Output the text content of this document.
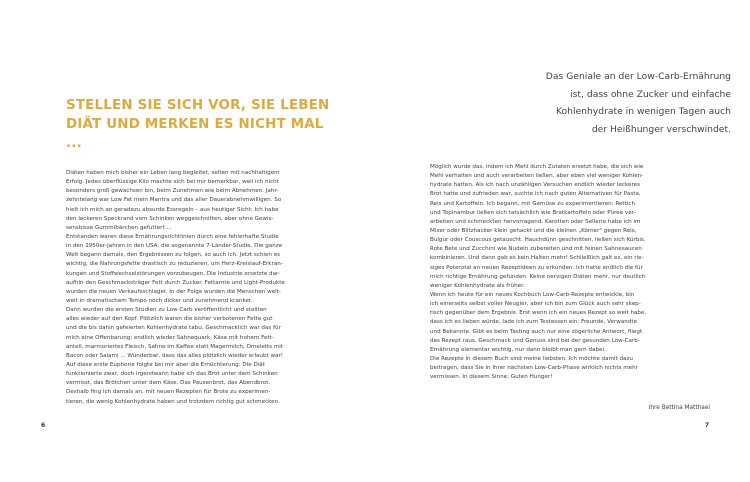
STELLEN SIE SICH VOR, SIE LEBEN
DIÄT UND MERKEN ES NICHT MAL ...
Diäten haben mich bisher ein Leben lang begleitet, selten mit nachhaltigem
Erfolg. Jedes überflüssige Kilo machte sich bei mir bemerkbar, weil ich nicht
besonders groß gewachsen bin, beim Zunehmen wie beim Abnehmen. Jahr-
zehntelang war Low Fat mein Mantra und das aller Dauerabnehmwilligen. So
hielt ich mich an geradezu absurde Essregeln – aus heutiger Sicht: Ich habe
den leckeren Speckrand vom Schinken weggeschnitten, aber ohne Gewis-
sensbisse Gummibärchen gefuttert ...
Entstanden waren diese Ernährungsrichtlinien durch eine fehlerhafte Studie
in den 1950er-Jahren in den USA, die sogenannte 7-Länder-Studie. Die ganze
Welt begann damals, den Ergebnissen zu folgen, so auch ich. Jetzt schien es
wichtig, die Nahrungsfette drastisch zu reduzieren, um Herz-Kreislauf-Erkran-
kungen und Stoffwechselstörungen vorzubeugen. Die Industrie ersetzte dar-
aufhin den Geschmacksträger Fett durch Zucker. Fettarme und Light-Produkte
wurden die neuen Verkaufsschlager. In der Folge wurden die Menschen welt-
weit in dramatischem Tempo noch dicker und zunehmend kranker.
Dann wurden die ersten Studien zu Low Carb veröffentlicht und stellten
alles wieder auf den Kopf. Plötzlich waren die bisher verbotenen Fette gut
und die bis dahin gefeierten Kohlenhydrate tabu. Geschmacklich war das für
mich eine Offenbarung: endlich wieder Sahnequark, Käse mit hohem Fett-
anteil, marmoriertes Fleisch, Sahne im Kaffee statt Magermilch, Omeletts mit
Bacon oder Salami ... Wunderbar, dass das alles plötzlich wieder erlaubt war!
Auf diese erste Euphorie folgte bei mir aber die Ernüchterung: Die Diät
funktionierte zwar, doch irgendwann habe ich das Brot unter dem Schinken
vermisst, das Brötchen unter dem Käse. Das Pausenbrot, das Abendbrot.
Deshalb fing ich damals an, mit neuen Rezepten für Brote zu experimen-
tieren, die wenig Kohlenhydrate haben und trotzdem richtig gut schmecken.
6
Das Geniale an der Low-Carb-Ernährung
ist, dass ohne Zucker und einfache
Kohlenhydrate in wenigen Tagen auch
der Heißhunger verschwindet.
Möglich wurde das, indem ich Mehl durch Zutaten ersetzt habe, die sich wie
Mehl verhalten und auch verarbeiten ließen, aber eben viel weniger Kohlen-
hydrate hatten. Als ich nach unzähligen Versuchen endlich wieder leckeres
Brot hatte und zufrieden war, suchte ich nach guten Alternativen für Pasta,
Reis und Kartoffeln. Ich begann, mit Gemüse zu experimentieren: Rettich
und Topinambur ließen sich tatsächlich wie Bratkartoffeln oder Püree ver-
arbeiten und schmeckten hervorragend. Karotten oder Sellerie habe ich im
Mixer oder Blitzhacker klein gehackt und die kleinen „Körner" gegen Reis,
Bulgur oder Couscous getauscht. Hauchdünn geschnitten, ließen sich Kürbis,
Rote Bete und Zucchini wie Nudeln zubereiten und mit feinen Sahnesaucen
kombinieren. Und dann gab es kein Halten mehr! Schließlich galt es, ein rie-
siges Potenzial an neuen Rezeptideen zu erkunden. Ich hatte endlich die für
mich richtige Ernährung gefunden. Keine nervigen Diäten mehr, nur deutlich
weniger Kohlenhydrate als früher.
Wenn ich heute für ein neues Kochbuch Low-Carb-Rezepte entwickle, bin
ich einerseits selbst voller Neugier, aber ich bin zum Glück auch sehr skep-
tisch gegenüber dem Ergebnis. Erst wenn ich ein neues Rezept so weit habe,
dass ich es lieben würde, lade ich zum Testessen ein: Freunde, Verwandte
und Bekannte. Gibt es beim Tasting auch nur eine zögerliche Antwort, fliegt
das Rezept raus. Geschmack und Genuss sind bei der gesunden Low-Carb-
Ernährung elementar wichtig, nur dann bleibt man gern dabei.
Die Rezepte in diesem Buch sind meine liebsten. Ich möchte damit dazu
beitragen, dass Sie in Ihrer nächsten Low-Carb-Phase wirklich nichts mehr
vermissen. In diesem Sinne: Guten Hunger!
Ihre Bettina Matthaei
7
